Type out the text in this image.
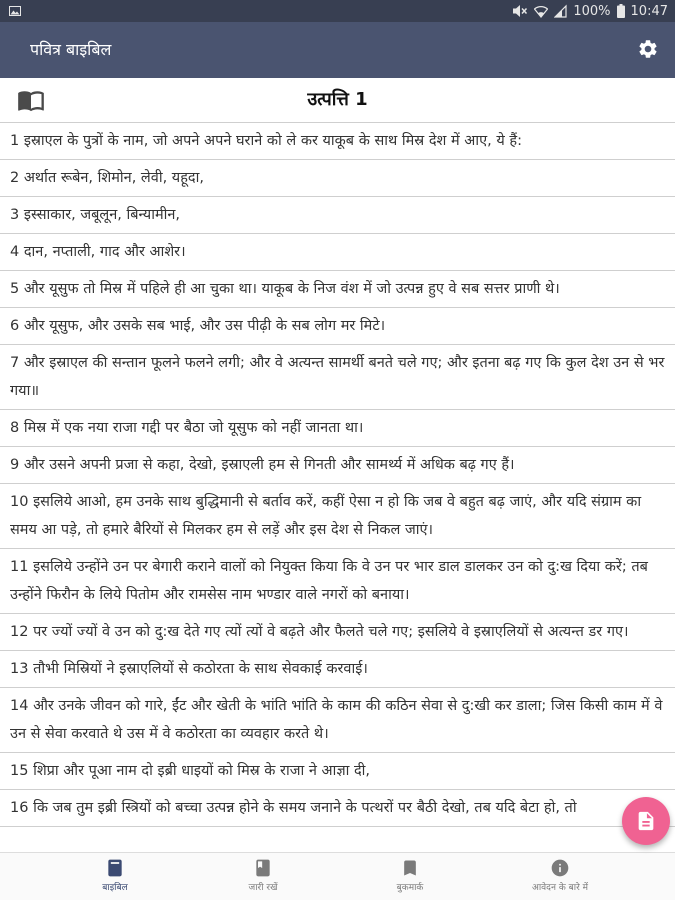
100% 10:47
पवित्र बाइबिल
उत्पत्ति 1
1 इस्राएल के पुत्रों के नाम, जो अपने अपने घराने को ले कर याकूब के साथ मिस्र देश में आए, ये हैं:
2 अर्थात रूबेन, शिमोन, लेवी, यहूदा,
3 इस्साकार, जबूलून, बिन्यामीन,
4 दान, नप्ताली, गाद और आशेर।
5 और यूसुफ तो मिस्र में पहिले ही आ चुका था। याकूब के निज वंश में जो उत्पन्न हुए वे सब सत्तर प्राणी थे।
6 और यूसुफ, और उसके सब भाई, और उस पीढ़ी के सब लोग मर मिटे।
7 और इस्राएल की सन्तान फूलने फलने लगी; और वे अत्यन्त सामर्थी बनते चले गए; और इतना बढ़ गए कि कुल देश उन से भर गया॥
8 मिस्र में एक नया राजा गद्दी पर बैठा जो यूसुफ को नहीं जानता था।
9 और उसने अपनी प्रजा से कहा, देखो, इस्राएली हम से गिनती और सामर्थ्य में अधिक बढ़ गए हैं।
10 इसलिये आओ, हम उनके साथ बुद्धिमानी से बर्ताव करें, कहीं ऐसा न हो कि जब वे बहुत बढ़ जाएं, और यदि संग्राम का समय आ पड़े, तो हमारे बैरियों से मिलकर हम से लड़ें और इस देश से निकल जाएं।
11 इसलिये उन्होंने उन पर बेगारी कराने वालों को नियुक्त किया कि वे उन पर भार डाल डालकर उन को दु:ख दिया करें; तब उन्होंने फिरौन के लिये पितोम और रामसेस नाम भण्डार वाले नगरों को बनाया।
12 पर ज्यों ज्यों वे उन को दु:ख देते गए त्यों त्यों वे बढ़ते और फैलते चले गए; इसलिये वे इस्राएलियों से अत्यन्त डर गए।
13 तौभी मिस्रियों ने इस्राएलियों से कठोरता के साथ सेवकाई करवाई।
14 और उनके जीवन को गारे, ईंट और खेती के भांति भांति के काम की कठिन सेवा से दु:खी कर डाला; जिस किसी काम में वे उन से सेवा करवाते थे उस में वे कठोरता का व्यवहार करते थे।
15 शिप्रा और पूआ नाम दो इब्री धाइयों को मिस्र के राजा ने आज्ञा दी,
16 कि जब तुम इब्री स्त्रियों को बच्चा उत्पन्न होने के समय जनाने के पत्थरों पर बैठी देखो, तब यदि बेटा हो, तो
बाइबिल	जारी रखें	बुकमार्क	आवेदन के बारे में
